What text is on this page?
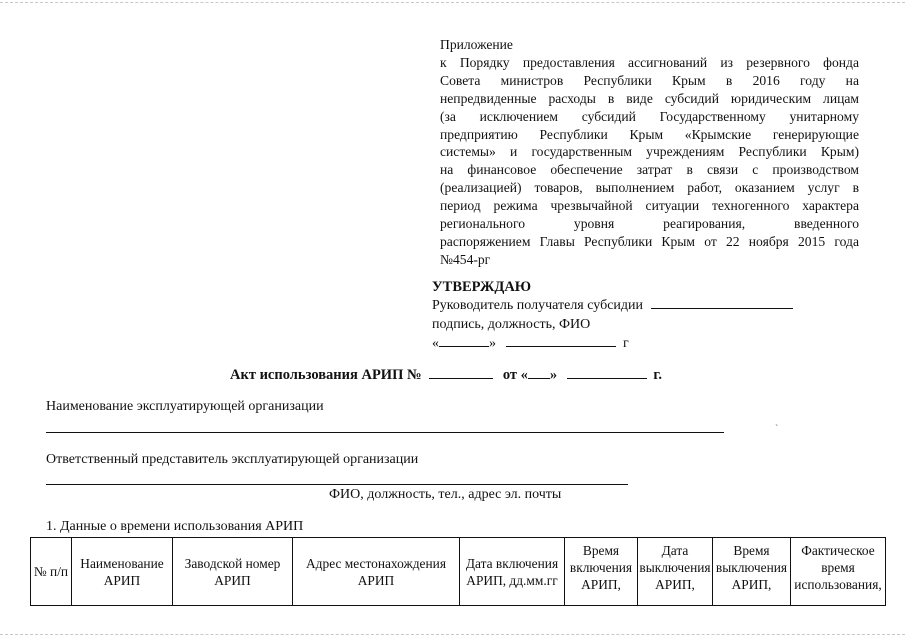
Приложение
к Порядку предоставления ассигнований из резервного фонда
Совета министров Республики Крым в 2016 году на
непредвиденные расходы в виде субсидий юридическим лицам
(за исключением субсидий Государственному унитарному
предприятию Республики Крым «Крымские генерирующие
системы» и государственным учреждениям Республики Крым)
на финансовое обеспечение затрат в связи с производством
(реализацией) товаров, выполнением работ, оказанием услуг в
период режима чрезвычайной ситуации техногенного характера
регионального уровня реагирования, введенного
распоряжением Главы Республики Крым от 22 ноября 2015 года
№454-рг
УТВЕРЖДАЮ
Руководитель получателя субсидии
подпись, должность, ФИО
«	»	г
Акт использования АРИП №	от « »	г.
Наименование эксплуатирующей организации
`
Ответственный представитель эксплуатирующей организации
ФИО, должность, тел., адрес эл. почты
1. Данные о времени использования АРИП
№ п/п	Наименование АРИП	Заводской номер АРИП	Адрес местонахождения АРИП	Дата включения АРИП, дд.мм.гг	Время включения АРИП,	Дата выключения АРИП,	Время выключения АРИП,	Фактическое время использования,
